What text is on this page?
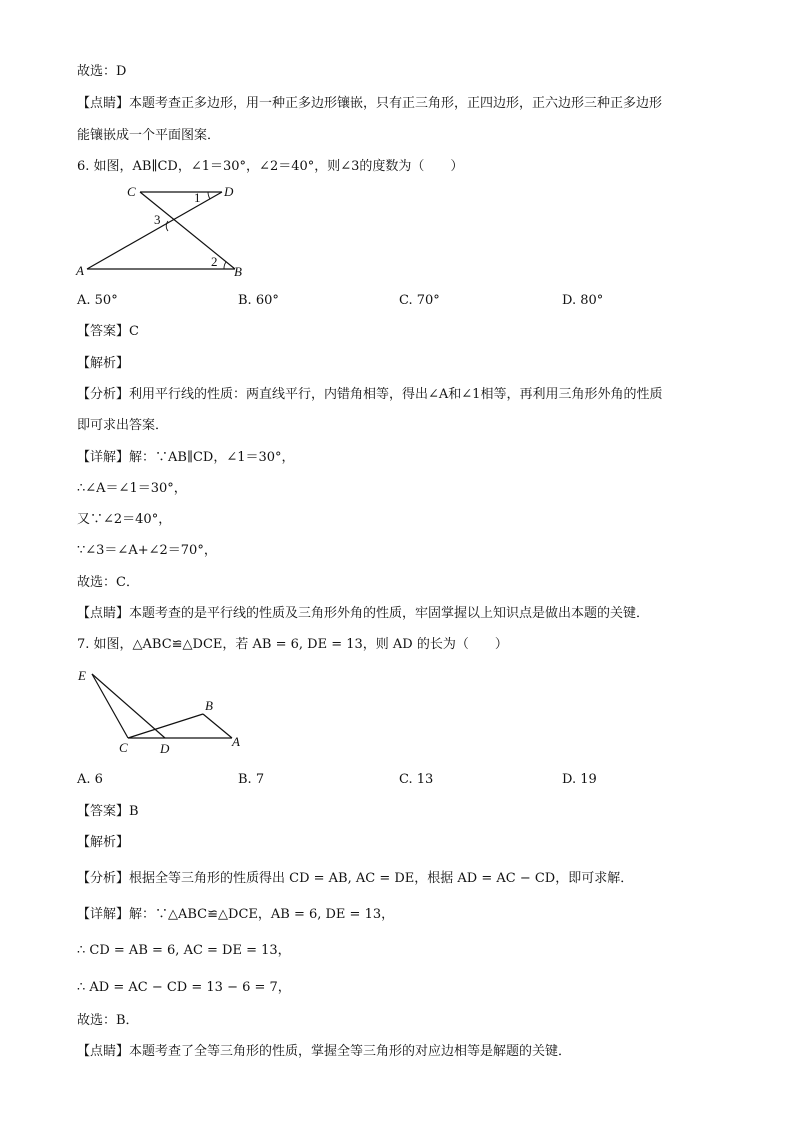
故选：D
【点睛】本题考查正多边形，用一种正多边形镶嵌，只有正三角形，正四边形，正六边形三种正多边形
能镶嵌成一个平面图案．
6. 如图，AB∥CD，∠1＝30°，∠2＝40°，则∠3的度数为（　　）
C	D
A	B
1
2
3
A. 50°	B. 60°	C. 70°	D. 80°
【答案】C
【解析】
【分析】利用平行线的性质：两直线平行，内错角相等，得出∠A和∠1相等，再利用三角形外角的性质
即可求出答案．
【详解】解：∵AB∥CD，∠1＝30°，
∴∠A＝∠1＝30°，
又∵∠2＝40°，
∵∠3＝∠A+∠2＝70°，
故选：C．
【点睛】本题考查的是平行线的性质及三角形外角的性质，牢固掌握以上知识点是做出本题的关键．
7. 如图，△ABC≌△DCE，若 AB = 6, DE = 13，则 AD 的长为（　　）
E
B
C D	A
A. 6	B. 7	C. 13	D. 19
【答案】B
【解析】
【分析】根据全等三角形的性质得出 CD = AB, AC = DE，根据 AD = AC − CD，即可求解．
【详解】解：∵△ABC≌△DCE，AB = 6, DE = 13，
∴ CD = AB = 6, AC = DE = 13，
∴ AD = AC − CD = 13 − 6 = 7，
故选：B．
【点睛】本题考查了全等三角形的性质，掌握全等三角形的对应边相等是解题的关键．
